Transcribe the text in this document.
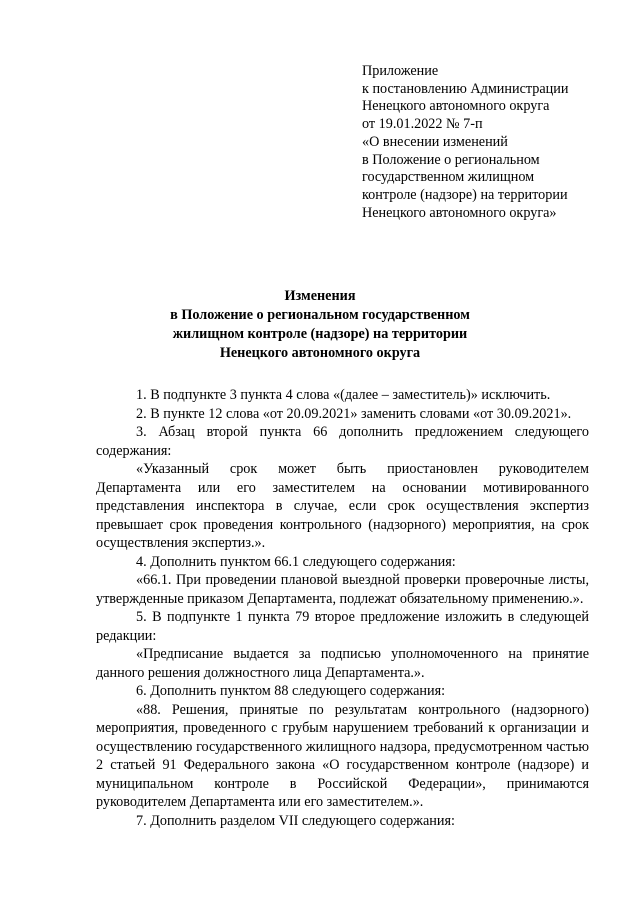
Приложение
к постановлению Администрации
Ненецкого автономного округа
от 19.01.2022 № 7-п
«О внесении изменений
в Положение о региональном
государственном жилищном
контроле (надзоре) на территории
Ненецкого автономного округа»
Изменения
в Положение о региональном государственном
жилищном контроле (надзоре) на территории
Ненецкого автономного округа

1. В подпункте 3 пункта 4 слова «(далее – заместитель)» исключить.

2. В пункте 12 слова «от 20.09.2021» заменить словами «от 30.09.2021».

3. Абзац второй пункта 66 дополнить предложением следующего содержания:

«Указанный срок может быть приостановлен руководителем Департамента или его заместителем на основании мотивированного представления инспектора в случае, если срок осуществления экспертиз превышает срок проведения контрольного (надзорного) мероприятия, на срок осуществления экспертиз.».

4. Дополнить пунктом 66.1 следующего содержания:

«66.1. При проведении плановой выездной проверки проверочные листы, утвержденные приказом Департамента, подлежат обязательному применению.».

5. В подпункте 1 пункта 79 второе предложение изложить в следующей редакции:

«Предписание выдается за подписью уполномоченного на принятие данного решения должностного лица Департамента.».

6. Дополнить пунктом 88 следующего содержания:

«88. Решения, принятые по результатам контрольного (надзорного) мероприятия, проведенного с грубым нарушением требований к организации и осуществлению государственного жилищного надзора, предусмотренном частью 2 статьей 91 Федерального закона «О государственном контроле (надзоре) и муниципальном контроле в Российской Федерации», принимаются руководителем Департамента или его заместителем.».

7. Дополнить разделом VII следующего содержания:
